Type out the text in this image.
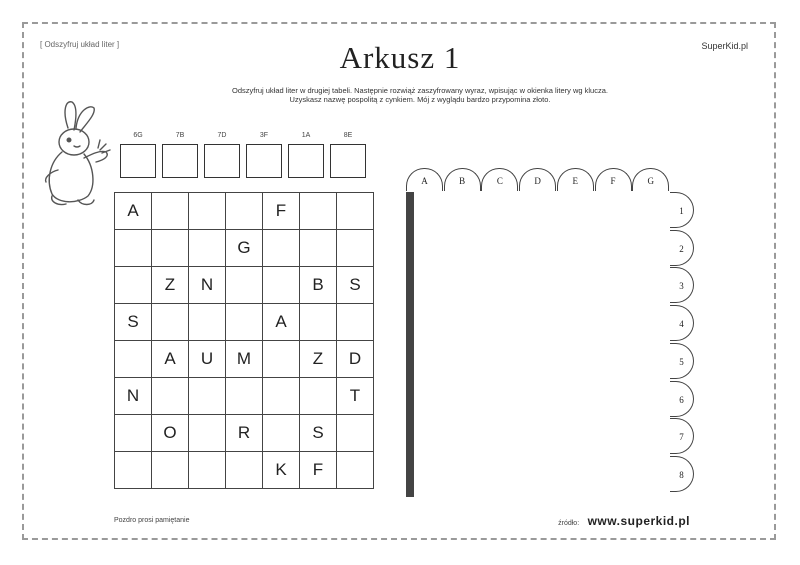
[ Odszyfruj układ liter ]	SuperKid.pl
Arkusz 1
Odszyfruj układ liter w drugiej tabeli. Następnie rozwiąż zaszyfrowany wyraz, wpisując w okienka litery wg klucza.
Uzyskasz nazwę pospolitą z cynkiem. Mój z wyglądu bardzo przypomina złoto.
6G	7B	7D	3F	1A	8E
A				F		
			G			
	Z	N			B	S
S				A		
	A	U	M		Z	D
N						T
	O		R		S	
				K	F	
A	B	C	D	E	F	G

1
2
3
4
5
6
7
8
Pozdro prosi pamiętanie	źródło: www.superkid.pl
